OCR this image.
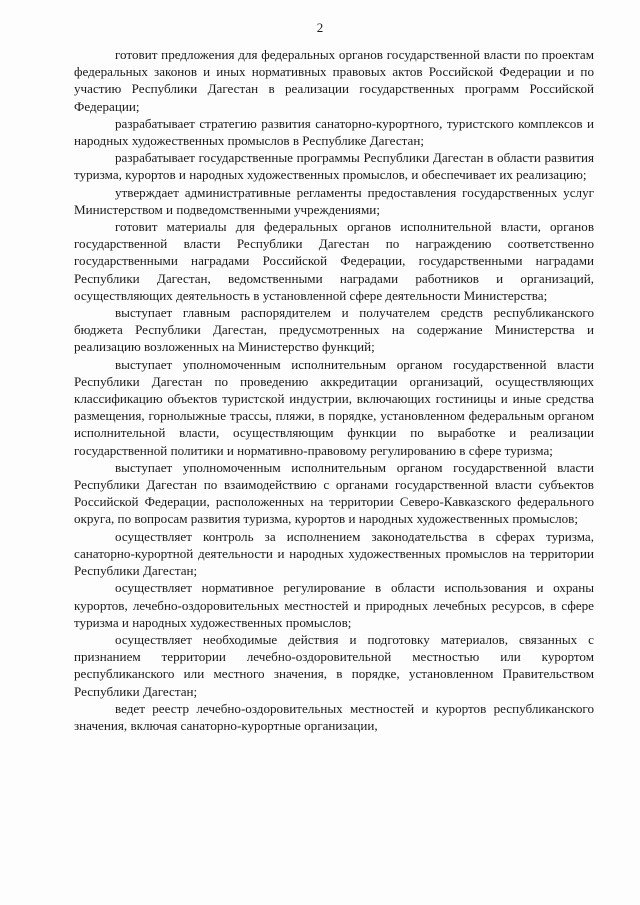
2

готовит предложения для федеральных органов государственной власти по проектам федеральных законов и иных нормативных правовых актов Российской Федерации и по участию Республики Дагестан в реализации государственных программ Российской Федерации;

разрабатывает стратегию развития санаторно-курортного, туристского комплексов и народных художественных промыслов в Республике Дагестан;

разрабатывает государственные программы Республики Дагестан в области развития туризма, курортов и народных художественных промыслов, и обеспечивает их реализацию;

утверждает административные регламенты предоставления государственных услуг Министерством и подведомственными учреждениями;

готовит материалы для федеральных органов исполнительной власти, органов государственной власти Республики Дагестан по награждению соответственно государственными наградами Российской Федерации, государственными наградами Республики Дагестан, ведомственными наградами работников и организаций, осуществляющих деятельность в установленной сфере деятельности Министерства;

выступает главным распорядителем и получателем средств республиканского бюджета Республики Дагестан, предусмотренных на содержание Министерства и реализацию возложенных на Министерство функций;

выступает уполномоченным исполнительным органом государственной власти Республики Дагестан по проведению аккредитации организаций, осуществляющих классификацию объектов туристской индустрии, включающих гостиницы и иные средства размещения, горнолыжные трассы, пляжи, в порядке, установленном федеральным органом исполнительной власти, осуществляющим функции по выработке и реализации государственной политики и нормативно-правовому регулированию в сфере туризма;

выступает уполномоченным исполнительным органом государственной власти Республики Дагестан по взаимодействию с органами государственной власти субъектов Российской Федерации, расположенных на территории Северо-Кавказского федерального округа, по вопросам развития туризма, курортов и народных художественных промыслов;

осуществляет контроль за исполнением законодательства в сферах туризма, санаторно-курортной деятельности и народных художественных промыслов на территории Республики Дагестан;

осуществляет нормативное регулирование в области использования и охраны курортов, лечебно-оздоровительных местностей и природных лечебных ресурсов, в сфере туризма и народных художественных промыслов;

осуществляет необходимые действия и подготовку материалов, связанных с признанием территории лечебно-оздоровительной местностью или курортом республиканского или местного значения, в порядке, установленном Правительством Республики Дагестан;

ведет реестр лечебно-оздоровительных местностей и курортов республиканского значения, включая санаторно-курортные организации,
